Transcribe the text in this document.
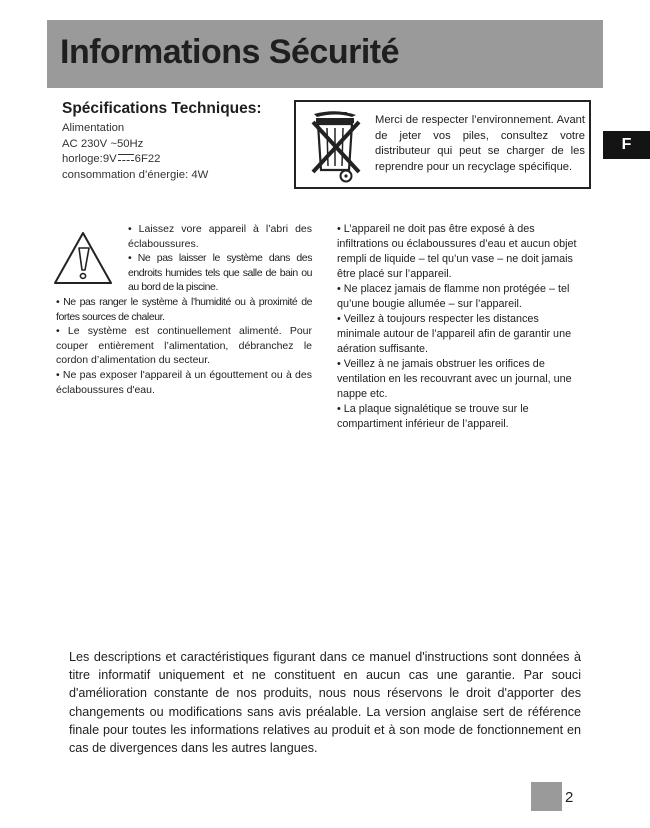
Informations Sécurité
Spécifications Techniques:
Alimentation
AC 230V ~50Hz
horloge:9V 6F22
consommation d’énergie: 4W
Merci de respecter l’environnement. Avant de jeter vos piles, consultez votre distributeur qui peut se charger de les reprendre pour un recyclage spécifique.
F

• Laissez vore appareil à l’abri des éclaboussures.

• Ne pas laisser le système dans des endroits humides tels que salle de bain ou au bord de la piscine.

• Ne pas ranger le système à l’humidité ou à proximité de fortes sources de chaleur.

• Le système est continuellement alimenté. Pour couper entièrement l’alimentation, débranchez le cordon d’alimentation du secteur.

• Ne pas exposer l'appareil à un égouttement ou à des éclaboussures d'eau.

• L’appareil ne doit pas être exposé à des infiltrations ou éclaboussures d’eau et aucun objet rempli de liquide – tel qu’un vase – ne doit jamais être placé sur l’appareil.

• Ne placez jamais de flamme non protégée – tel qu’une bougie allumée – sur l’appareil.

• Veillez à toujours respecter les distances minimale autour de l’appareil afin de garantir une aération suffisante.

• Veillez à ne jamais obstruer les orifices de ventilation en les recouvrant avec un journal, une nappe etc.

• La plaque signalétique se trouve sur le compartiment inférieur de l’appareil.

Les descriptions et caractéristiques figurant dans ce manuel d'instructions sont données à titre informatif uniquement et ne constituent en aucun cas une garantie. Par souci d'amélioration constante de nos produits, nous nous réservons le droit d'apporter des changements ou modifications sans avis préalable. La version anglaise sert de référence finale pour toutes les informations relatives au produit et à son mode de fonctionnement en cas de divergences dans les autres langues.
2
